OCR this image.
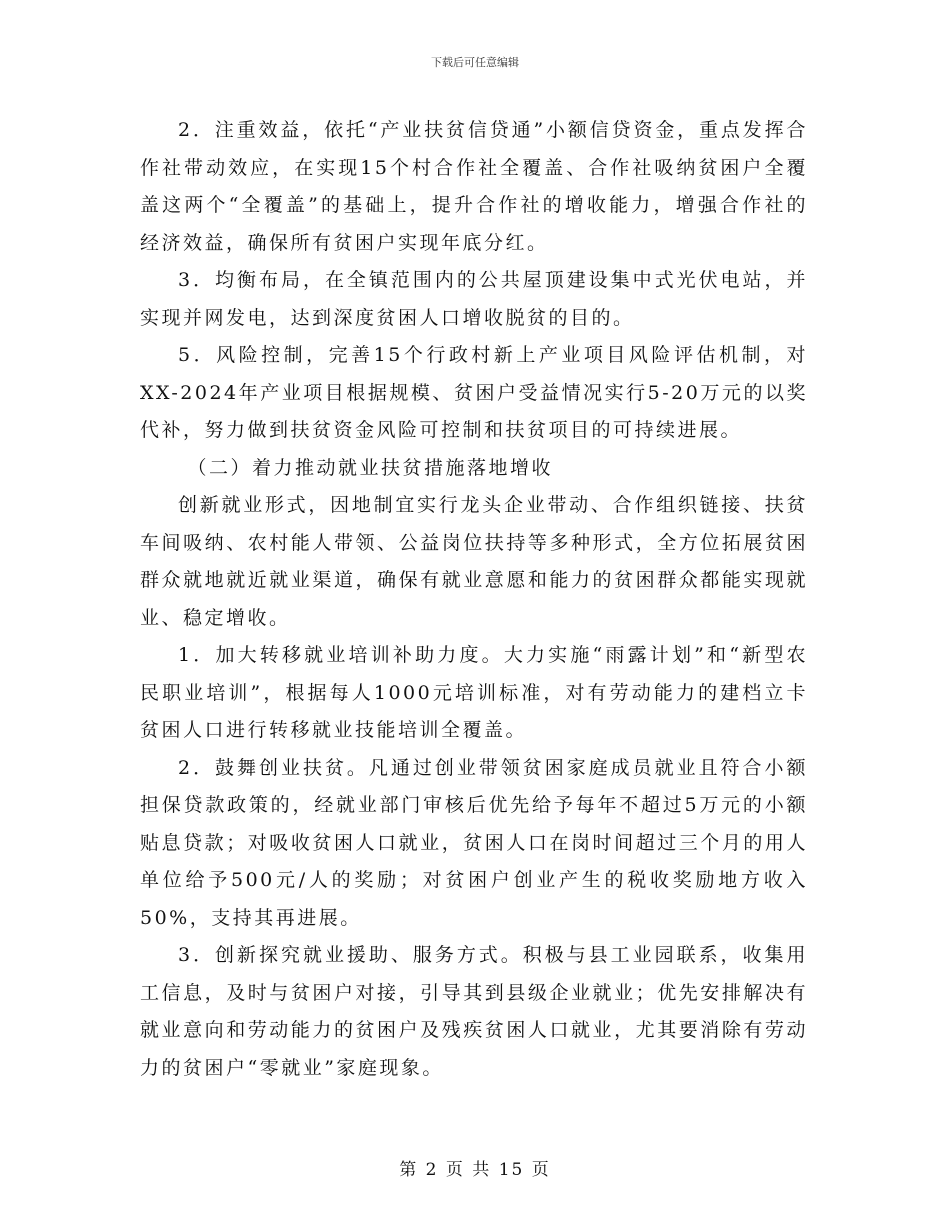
下载后可任意编辑

2．注重效益，依托“产业扶贫信贷通”小额信贷资金，重点发挥合作社带动效应，在实现15个村合作社全覆盖、合作社吸纳贫困户全覆盖这两个“全覆盖”的基础上，提升合作社的增收能力，增强合作社的经济效益，确保所有贫困户实现年底分红。

3．均衡布局，在全镇范围内的公共屋顶建设集中式光伏电站，并实现并网发电，达到深度贫困人口增收脱贫的目的。

5．风险控制，完善15个行政村新上产业项目风险评估机制，对XX-2024年产业项目根据规模、贫困户受益情况实行5-20万元的以奖代补，努力做到扶贫资金风险可控制和扶贫项目的可持续进展。

（二）着力推动就业扶贫措施落地增收

创新就业形式，因地制宜实行龙头企业带动、合作组织链接、扶贫车间吸纳、农村能人带领、公益岗位扶持等多种形式，全方位拓展贫困群众就地就近就业渠道，确保有就业意愿和能力的贫困群众都能实现就业、稳定增收。

1．加大转移就业培训补助力度。大力实施“雨露计划”和“新型农民职业培训”，根据每人1000元培训标准，对有劳动能力的建档立卡贫困人口进行转移就业技能培训全覆盖。

2．鼓舞创业扶贫。凡通过创业带领贫困家庭成员就业且符合小额担保贷款政策的，经就业部门审核后优先给予每年不超过5万元的小额贴息贷款；对吸收贫困人口就业，贫困人口在岗时间超过三个月的用人单位给予500元/人的奖励；对贫困户创业产生的税收奖励地方收入50%，支持其再进展。

3．创新探究就业援助、服务方式。积极与县工业园联系，收集用工信息，及时与贫困户对接，引导其到县级企业就业；优先安排解决有就业意向和劳动能力的贫困户及残疾贫困人口就业，尤其要消除有劳动力的贫困户“零就业”家庭现象。

第 2 页 共 15 页
